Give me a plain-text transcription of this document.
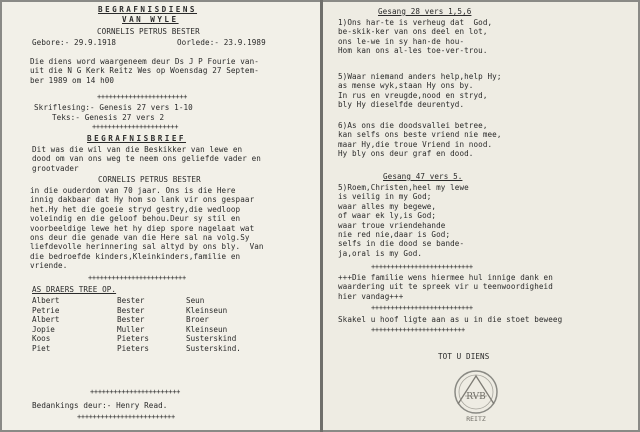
BEGRAFNISDIENS
VAN WYLE
CORNELIS PETRUS BESTER
Gebore:- 29.9.1918	Oorlede:- 23.9.1989
Die diens word waargeneem deur Ds J P Fourie van-
uit die N G Kerk Reitz Wes op Woensdag 27 Septem-
ber 1989 om 14 h00
+++++++++++++++++++++++
Skriflesing:- Genesis 27 vers 1-10
Teks:- Genesis 27 vers 2
++++++++++++++++++++++
BEGRAFNISBRIEF
Dit was die wil van die Beskikker van lewe en
dood om van ons weg te neem ons geliefde vader en
grootvader
CORNELIS PETRUS BESTER
in die ouderdom van 70 jaar. Ons is die Here
innig dakbaar dat Hy hom so lank vir ons gespaar
het.Hy het die goeie stryd gestry,die wedloop
voleindig en die geloof behou.Deur sy stil en
voorbeeldige lewe het hy diep spore nagelaat wat
ons deur die genade van die Here sal na volg.Sy
liefdevolle herinnering sal altyd by ons bly.  Van
die bedroefde kinders,Kleinkinders,familie en
vriende.
+++++++++++++++++++++++++
AS DRAERS TREE OP.
Albert
Petrie
Albert
Jopie
Koos
Piet
Bester
Bester
Bester
Muller
Pieters
Pieters
Seun
Kleinseun
Broer
Kleinseun
Susterskind
Susterskind.
+++++++++++++++++++++++
Bedankings deur:- Henry Read.
+++++++++++++++++++++++++
Gesang 28 vers 1,5,6
1)Ons har-te is verheug dat  God,
be-skik-ker van ons deel en lot,
ons le-we in sy han-de hou-
Hom kan ons al-les toe-ver-trou.
5)Waar niemand anders help,help Hy;
as mense wyk,staan Hy ons by.
In rus en vreugde,nood en stryd,
bly Hy dieselfde deurentyd.
6)As ons die doodsvallei betree,
kan selfs ons beste vriend nie mee,
maar Hy,die troue Vriend in nood.
Hy bly ons deur graf en dood.
Gesang 47 vers 5.
5)Roem,Christen,heel my lewe
is veilig in my God;
waar alles my begewe,
of waar ek ly,is God;
waar troue vriendehande
nie red nie,daar is God;
selfs in die dood se bande-
ja,oral is my God.
++++++++++++++++++++++++++
+++Die familie wens hiermee hul innige dank en
waardering uit te spreek vir u teenwoordigheid
hier vandag+++
++++++++++++++++++++++++++
Skakel u hoof ligte aan as u in die stoet beweeg
++++++++++++++++++++++++
TOT U DIENS
RVB
REITZ
